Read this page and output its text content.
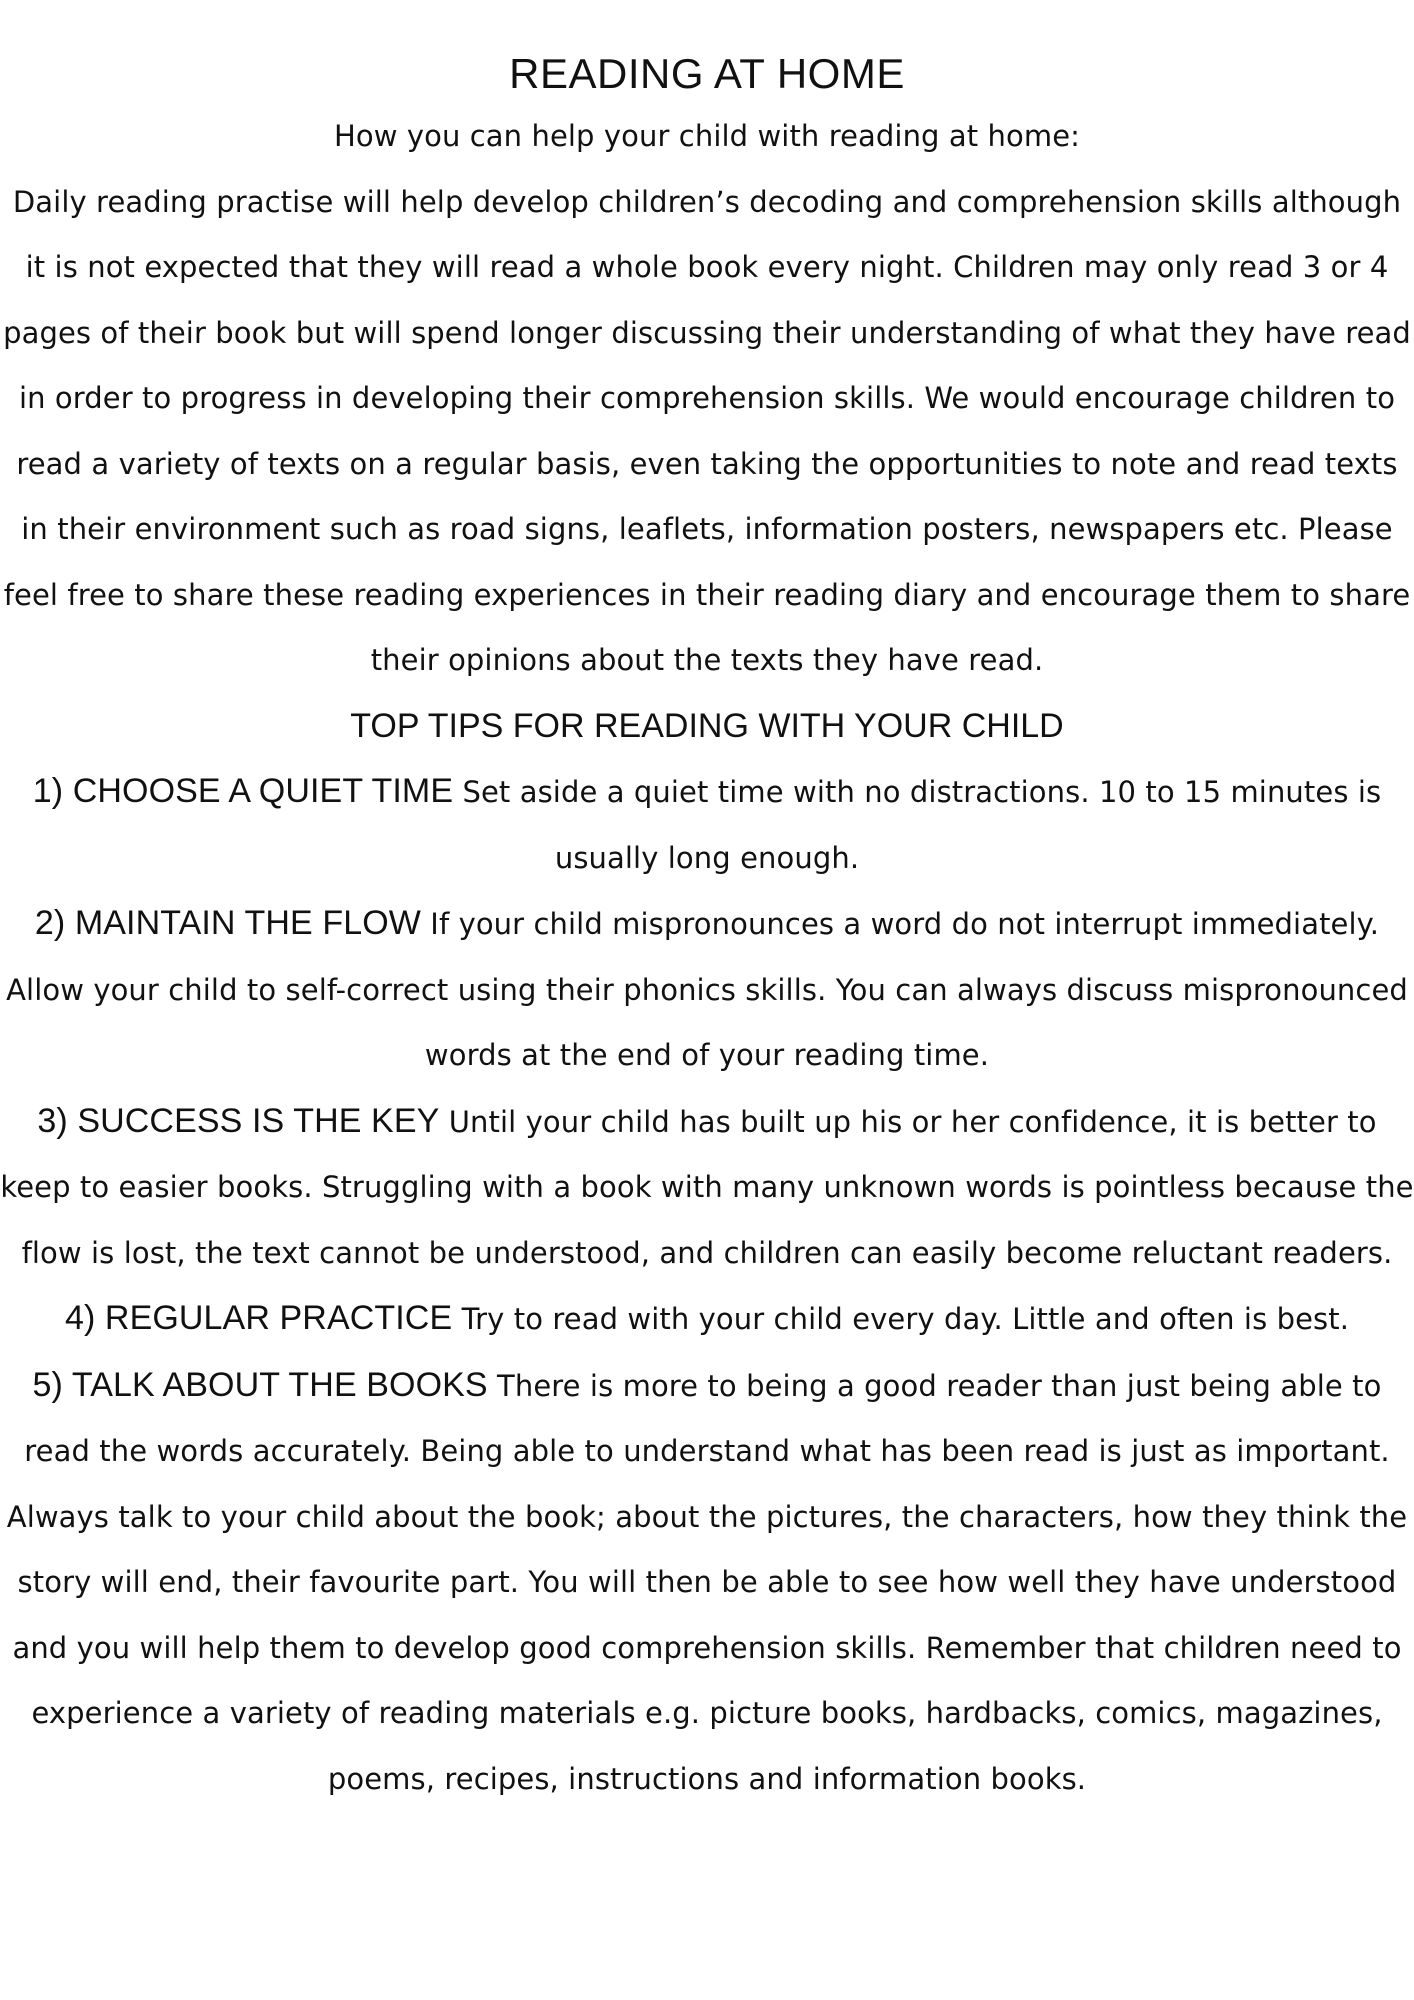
READING AT HOME

How you can help your child with reading at home:

Daily reading practise will help develop children’s decoding and comprehension skills although it is not expected that they will read a whole book every night. Children may only read 3 or 4 pages of their book but will spend longer discussing their understanding of what they have read in order to progress in developing their comprehension skills. We would encourage children to read a variety of texts on a regular basis, even taking the opportunities to note and read texts in their environment such as road signs, leaflets, information posters, newspapers etc. Please feel free to share these reading experiences in their reading diary and encourage them to share their opinions about the texts they have read.

TOP TIPS FOR READING WITH YOUR CHILD

1) CHOOSE A QUIET TIME Set aside a quiet time with no distractions. 10 to 15 minutes is usually long enough.

2) MAINTAIN THE FLOW If your child mispronounces a word do not interrupt immediately. Allow your child to self-correct using their phonics skills. You can always discuss mispronounced words at the end of your reading time.

3) SUCCESS IS THE KEY Until your child has built up his or her confidence, it is better to keep to easier books. Struggling with a book with many unknown words is pointless because the flow is lost, the text cannot be understood, and children can easily become reluctant readers.

4) REGULAR PRACTICE Try to read with your child every day. Little and often is best.

5) TALK ABOUT THE BOOKS There is more to being a good reader than just being able to read the words accurately. Being able to understand what has been read is just as important. Always talk to your child about the book; about the pictures, the characters, how they think the story will end, their favourite part. You will then be able to see how well they have understood and you will help them to develop good comprehension skills. Remember that children need to experience a variety of reading materials e.g. picture books, hardbacks, comics, magazines, poems, recipes, instructions and information books.
